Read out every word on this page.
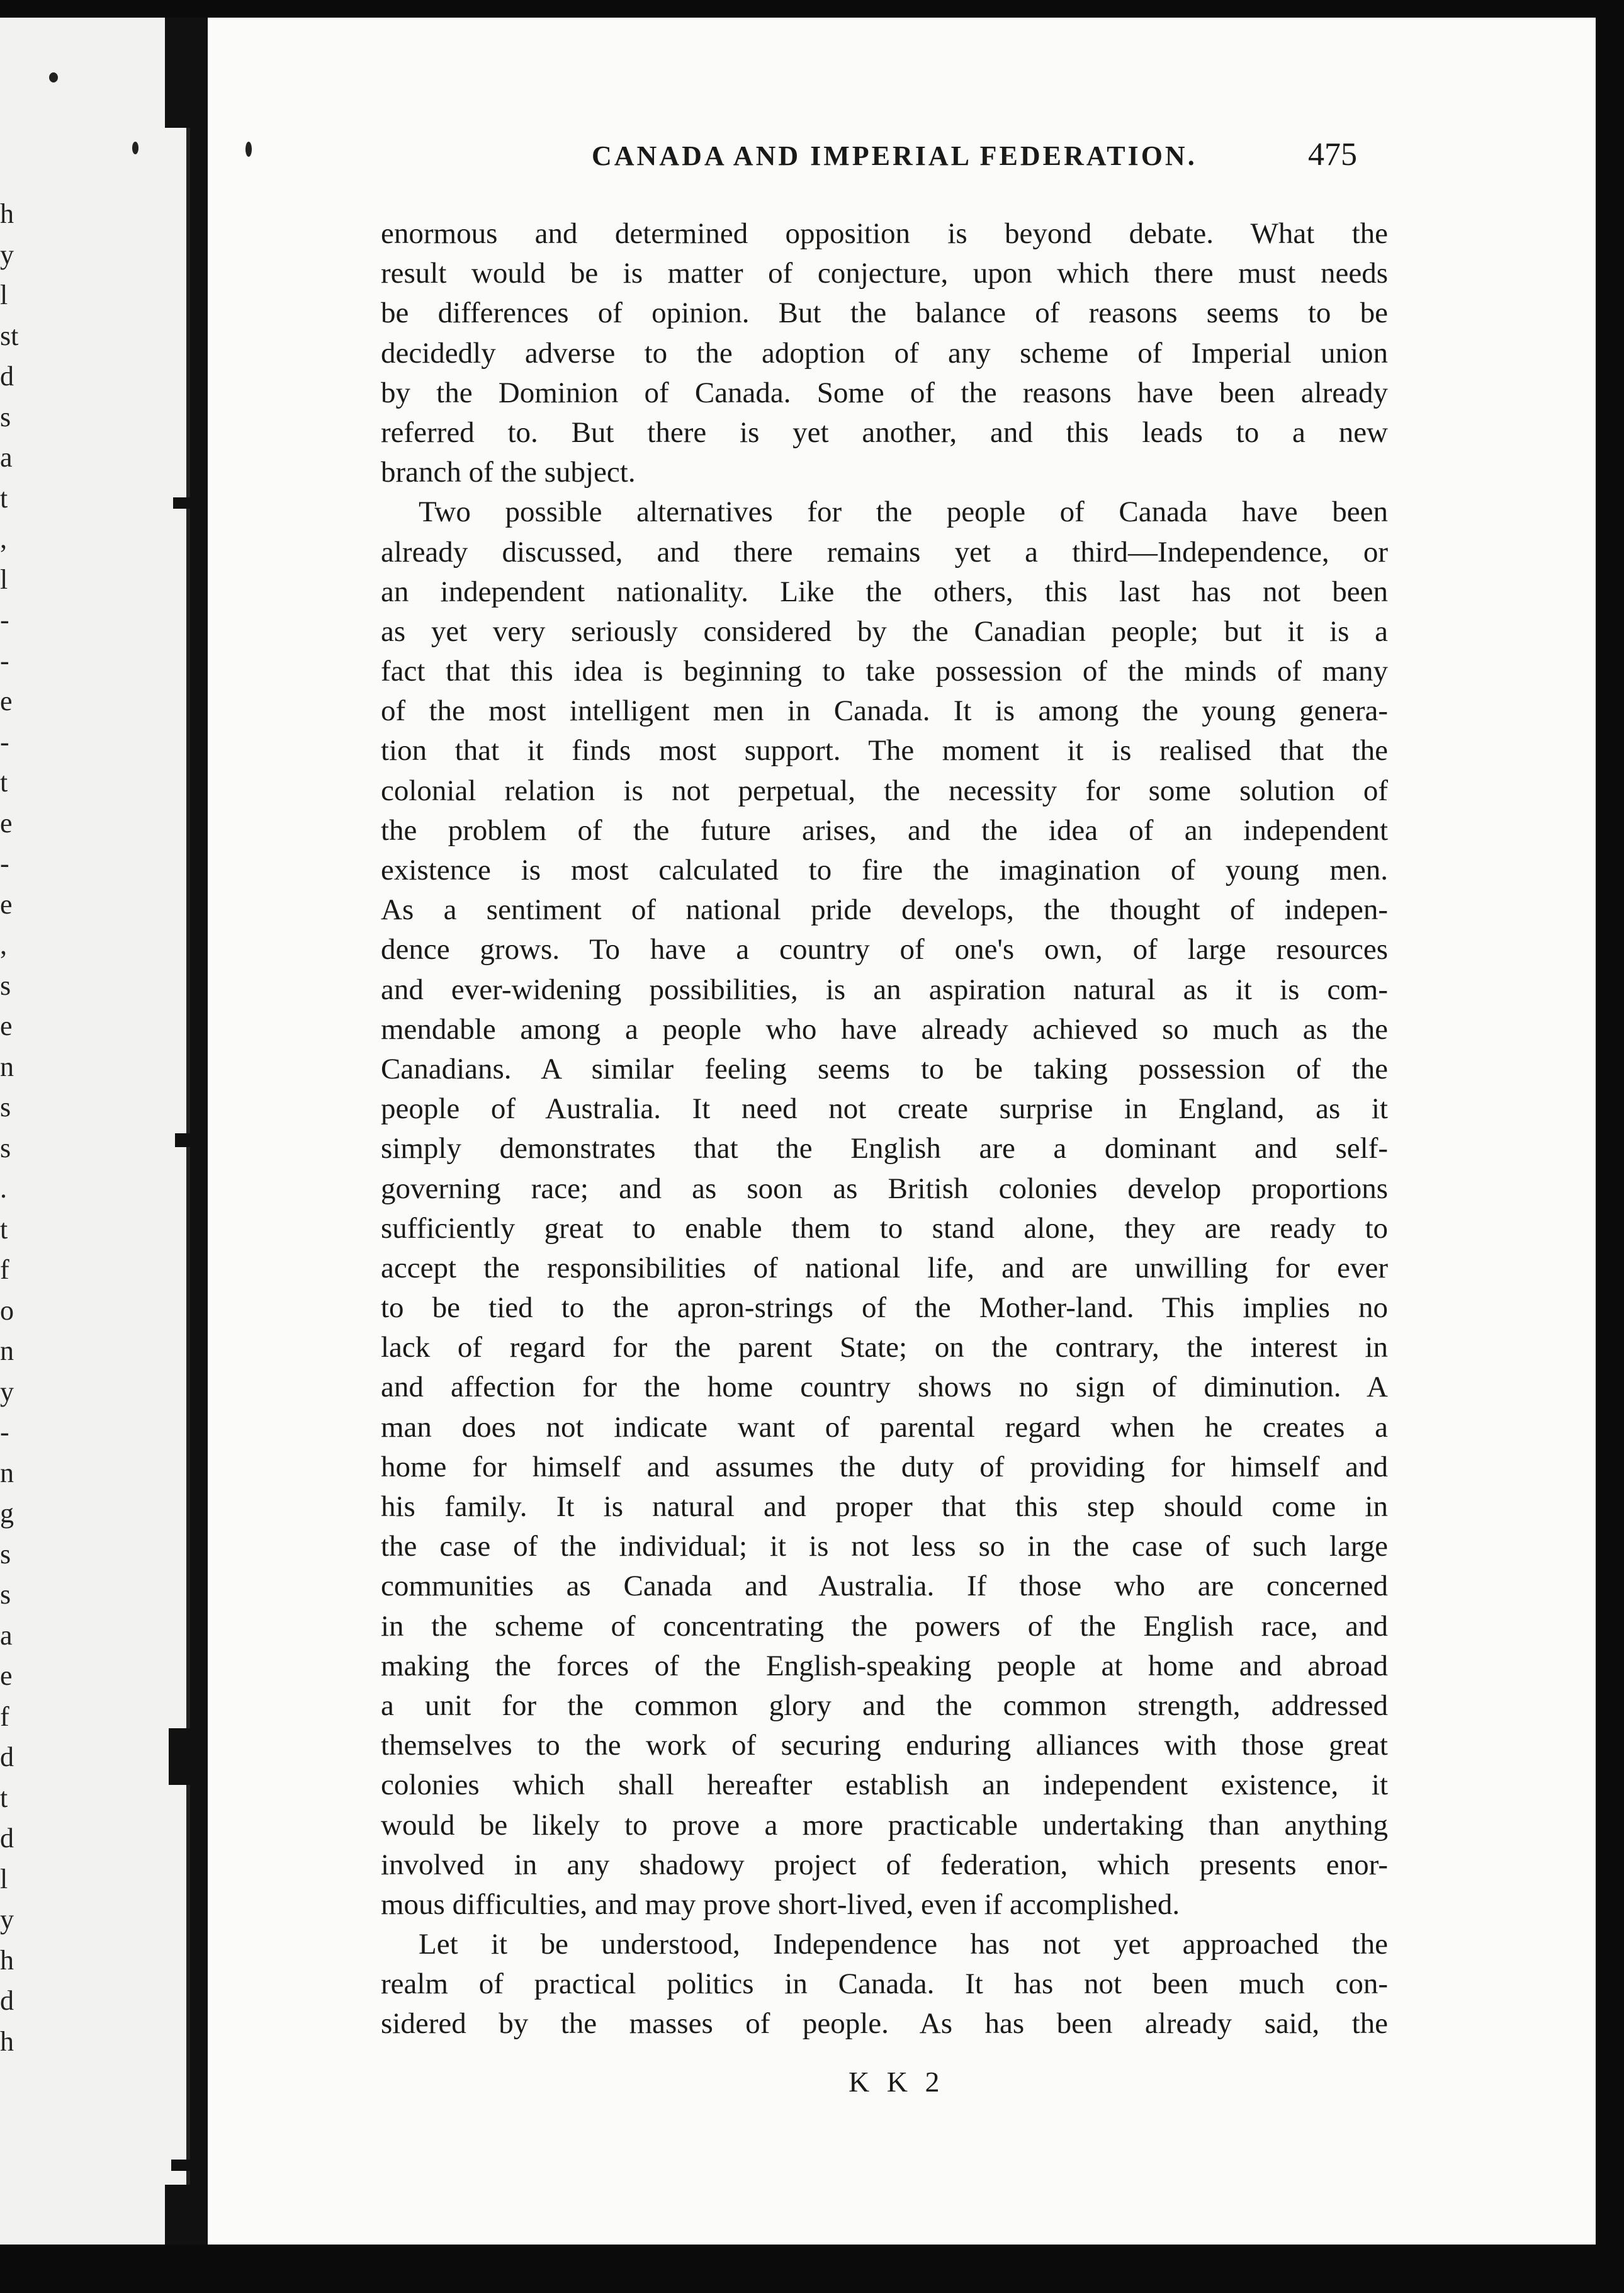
h
y
l
st
d
s
a
t
,
l
-
-
e
-
t
e
-
e
,
s
e
n
s
s
.
t
f
o
n
y
-
n
g
s
s
a
e
f
d
t
d
l
y
h
d
h
CANADA AND IMPERIAL FEDERATION.	475
enormous and determined opposition is beyond debate. What the
result would be is matter of conjecture, upon which there must needs
be differences of opinion. But the balance of reasons seems to be
decidedly adverse to the adoption of any scheme of Imperial union
by the Dominion of Canada. Some of the reasons have been already
referred to. But there is yet another, and this leads to a new
branch of the subject.
Two possible alternatives for the people of Canada have been
already discussed, and there remains yet a third—Independence, or
an independent nationality. Like the others, this last has not been
as yet very seriously considered by the Canadian people; but it is a
fact that this idea is beginning to take possession of the minds of many
of the most intelligent men in Canada. It is among the young genera-
tion that it finds most support. The moment it is realised that the
colonial relation is not perpetual, the necessity for some solution of
the problem of the future arises, and the idea of an independent
existence is most calculated to fire the imagination of young men.
As a sentiment of national pride develops, the thought of indepen-
dence grows. To have a country of one's own, of large resources
and ever-widening possibilities, is an aspiration natural as it is com-
mendable among a people who have already achieved so much as the
Canadians. A similar feeling seems to be taking possession of the
people of Australia. It need not create surprise in England, as it
simply demonstrates that the English are a dominant and self-
governing race; and as soon as British colonies develop proportions
sufficiently great to enable them to stand alone, they are ready to
accept the responsibilities of national life, and are unwilling for ever
to be tied to the apron-strings of the Mother-land. This implies no
lack of regard for the parent State; on the contrary, the interest in
and affection for the home country shows no sign of diminution. A
man does not indicate want of parental regard when he creates a
home for himself and assumes the duty of providing for himself and
his family. It is natural and proper that this step should come in
the case of the individual; it is not less so in the case of such large
communities as Canada and Australia. If those who are concerned
in the scheme of concentrating the powers of the English race, and
making the forces of the English-speaking people at home and abroad
a unit for the common glory and the common strength, addressed
themselves to the work of securing enduring alliances with those great
colonies which shall hereafter establish an independent existence, it
would be likely to prove a more practicable undertaking than anything
involved in any shadowy project of federation, which presents enor-
mous difficulties, and may prove short-lived, even if accomplished.
Let it be understood, Independence has not yet approached the
realm of practical politics in Canada. It has not been much con-
sidered by the masses of people. As has been already said, the
K K 2
